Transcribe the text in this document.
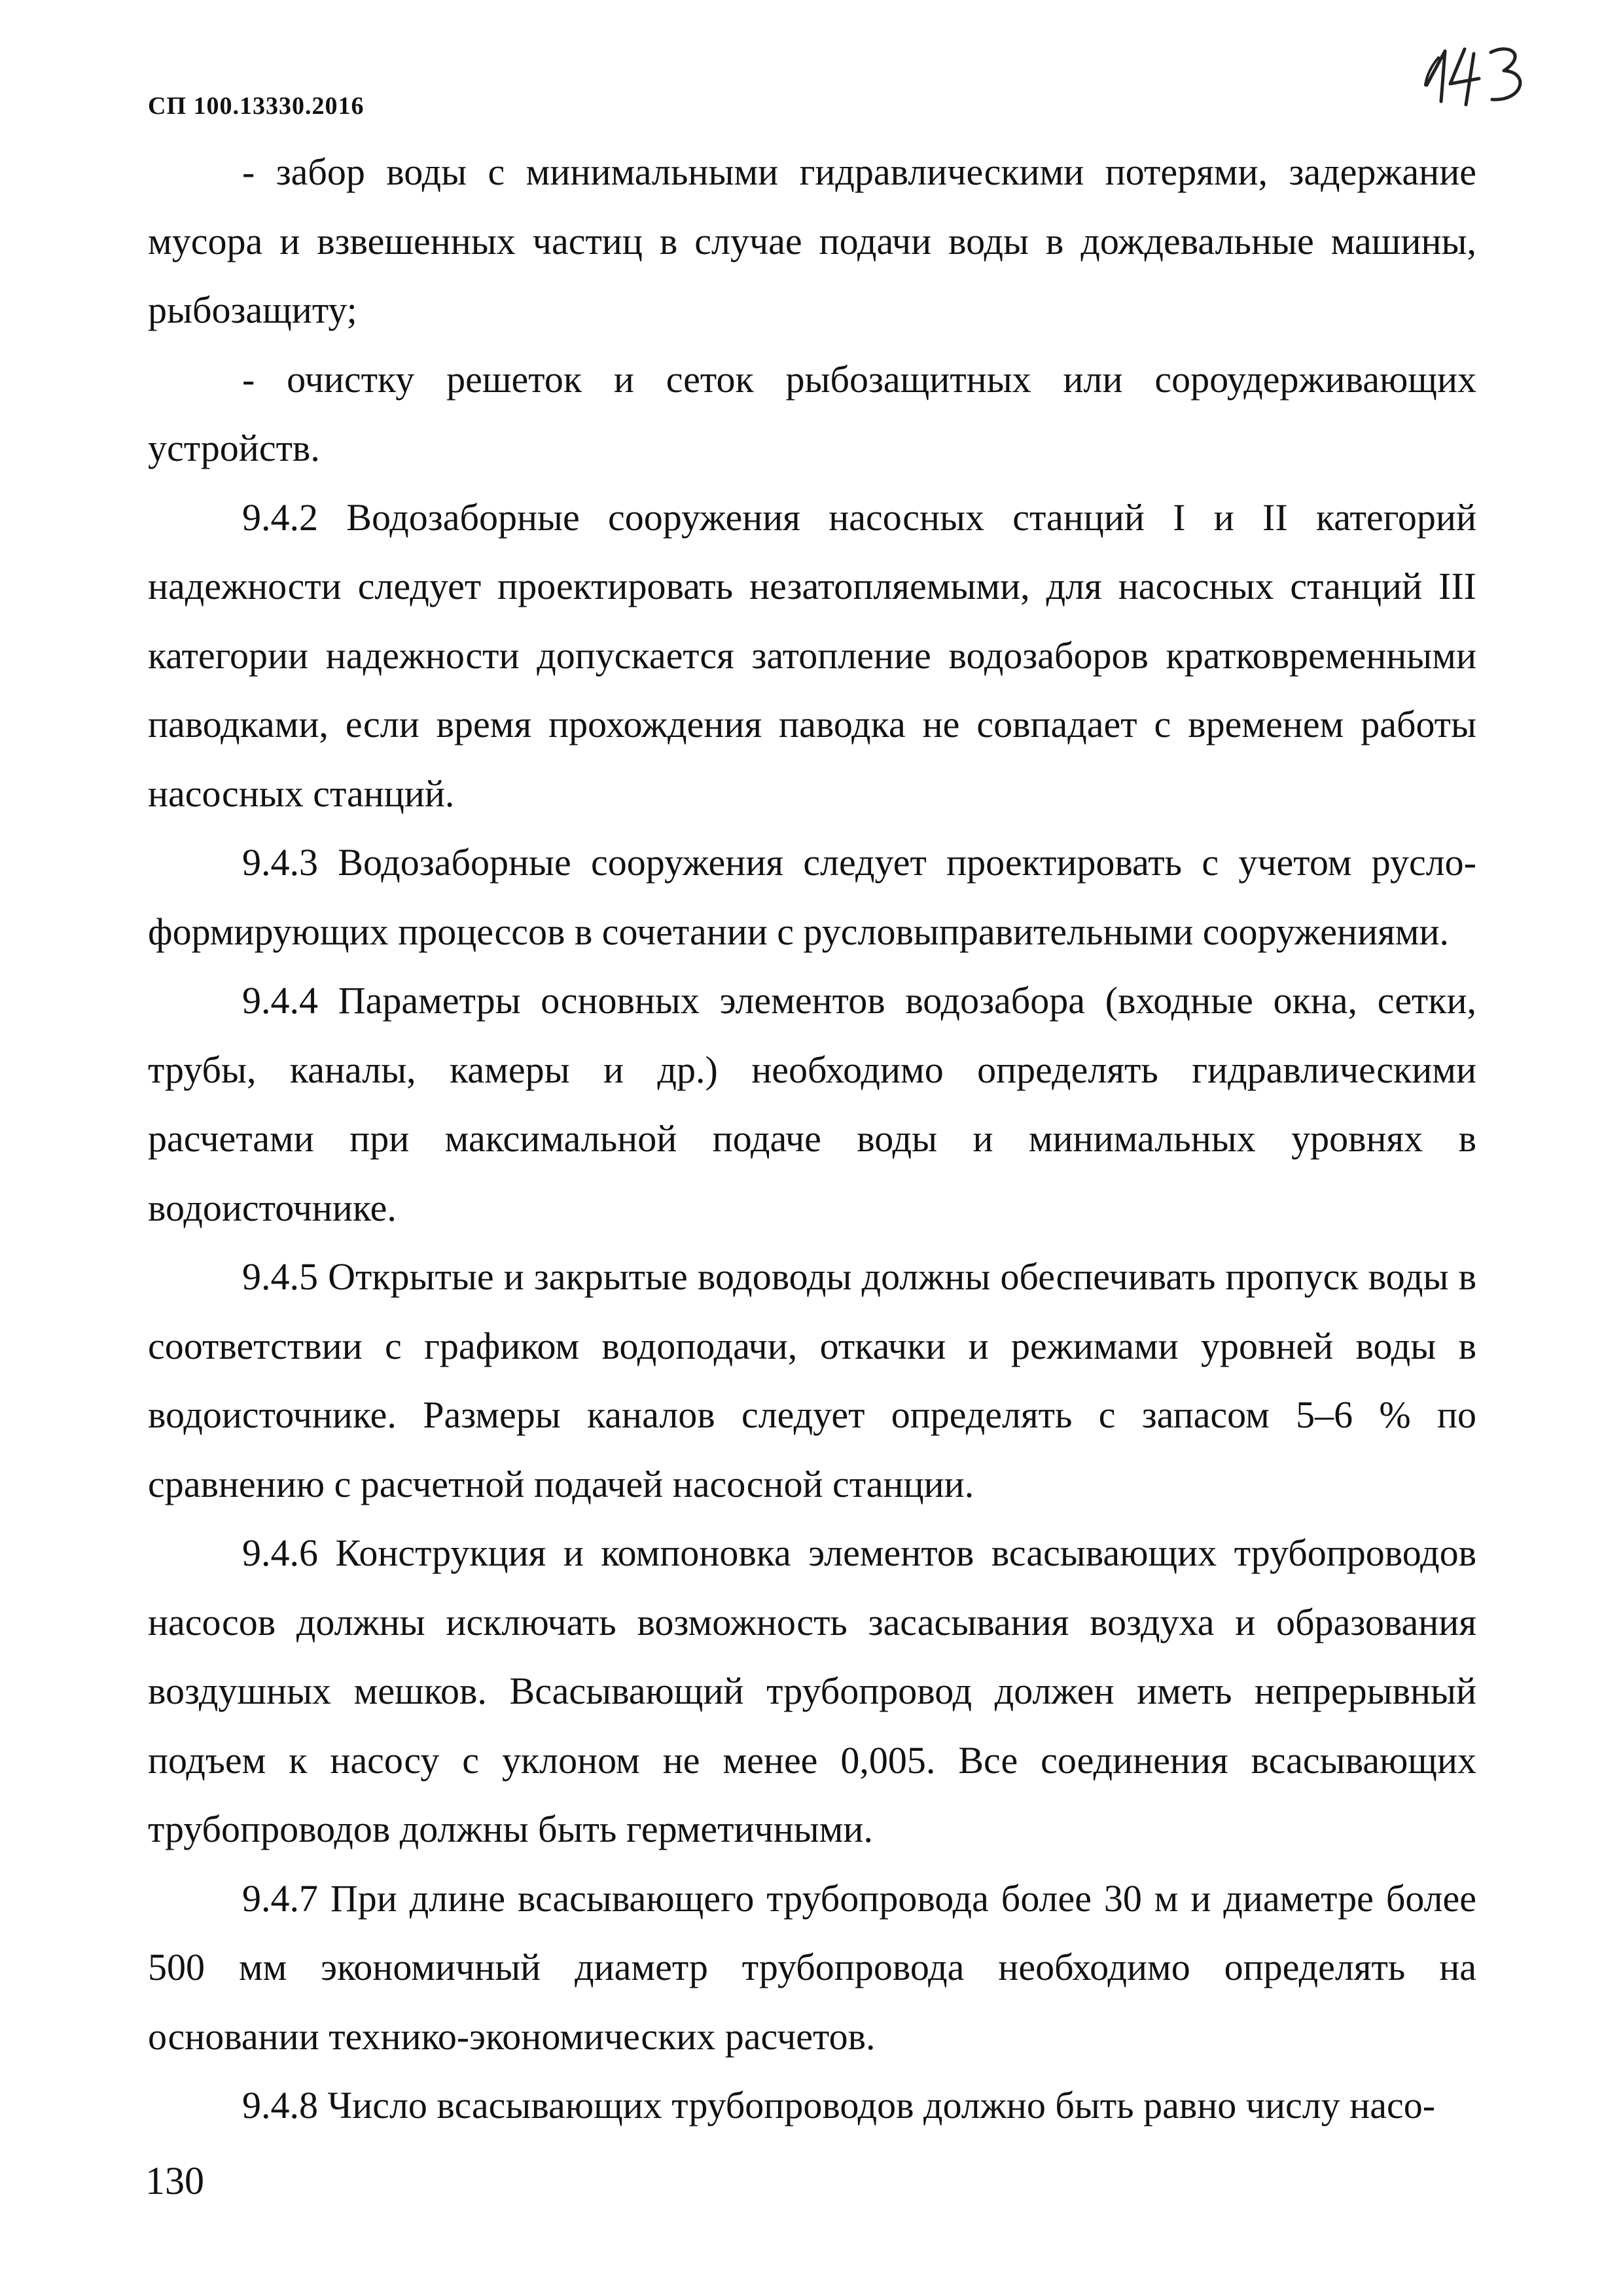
СП 100.13330.2016

- забор воды с минимальными гидравлическими потерями, задержание мусора и взвешенных частиц в случае подачи воды в дождевальные машины, рыбозащиту;

- очистку решеток и сеток рыбозащитных или сороудерживающих устройств.

9.4.2 Водозаборные сооружения насосных станций I и II категорий надежности следует проектировать незатопляемыми, для насосных станций III категории надежности допускается затопление водозаборов кратковременными паводками, если время прохождения паводка не совпадает с временем работы насосных станций.

9.4.3 Водозаборные сооружения следует проектировать с учетом руслоформирующих процессов в сочетании с русловыправительными сооружениями.

9.4.4 Параметры основных элементов водозабора (входные окна, сетки, трубы, каналы, камеры и др.) необходимо определять гидравлическими расчетами при максимальной подаче воды и минимальных уровнях в водоисточнике.

9.4.5 Открытые и закрытые водоводы должны обеспечивать пропуск воды в соответствии с графиком водоподачи, откачки и режимами уровней воды в водоисточнике. Размеры каналов следует определять с запасом 5–6 % по сравнению с расчетной подачей насосной станции.

9.4.6 Конструкция и компоновка элементов всасывающих трубопроводов насосов должны исключать возможность засасывания воздуха и образования воздушных мешков. Всасывающий трубопровод должен иметь непрерывный подъем к насосу с уклоном не менее 0,005. Все соединения всасывающих трубопроводов должны быть герметичными.

9.4.7 При длине всасывающего трубопровода более 30 м и диаметре более 500 мм экономичный диаметр трубопровода необходимо определять на основании технико-экономических расчетов.

9.4.8 Число всасывающих трубопроводов должно быть равно числу насо-

130
